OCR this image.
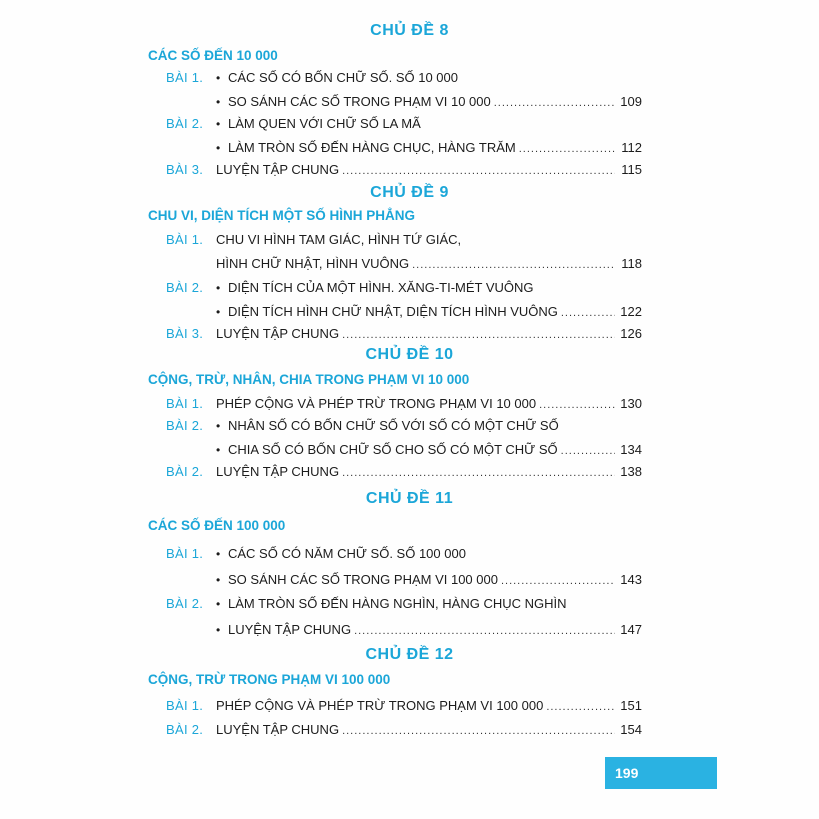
CHỦ ĐỀ 8
CÁC SỐ ĐẾN 10 000
BÀI 1. • CÁC SỐ CÓ BỐN CHỮ SỐ. SỐ 10 000
• SO SÁNH CÁC SỐ TRONG PHẠM VI 10 000 .....	109
BÀI 2. • LÀM QUEN VỚI CHỮ SỐ LA MÃ
• LÀM TRÒN SỐ ĐẾN HÀNG CHỤC, HÀNG TRĂM .....	112
BÀI 3. LUYỆN TẬP CHUNG .....	115
CHỦ ĐỀ 9
CHU VI, DIỆN TÍCH MỘT SỐ HÌNH PHẲNG
BÀI 1. CHU VI HÌNH TAM GIÁC, HÌNH TỨ GIÁC,
HÌNH CHỮ NHẬT, HÌNH VUÔNG .....	118
BÀI 2. • DIỆN TÍCH CỦA MỘT HÌNH. XĂNG-TI-MÉT VUÔNG
• DIỆN TÍCH HÌNH CHỮ NHẬT, DIỆN TÍCH HÌNH VUÔNG .....	122
BÀI 3. LUYỆN TẬP CHUNG .....	126
CHỦ ĐỀ 10
CỘNG, TRỪ, NHÂN, CHIA TRONG PHẠM VI 10 000
BÀI 1. PHÉP CỘNG VÀ PHÉP TRỪ TRONG PHẠM VI 10 000 .....	130
BÀI 2. • NHÂN SỐ CÓ BỐN CHỮ SỐ VỚI SỐ CÓ MỘT CHỮ SỐ
• CHIA SỐ CÓ BỐN CHỮ SỐ CHO SỐ CÓ MỘT CHỮ SỐ .....	134
BÀI 2. LUYỆN TẬP CHUNG .....	138
CHỦ ĐỀ 11
CÁC SỐ ĐẾN 100 000
BÀI 1. • CÁC SỐ CÓ NĂM CHỮ SỐ. SỐ 100 000
• SO SÁNH CÁC SỐ TRONG PHẠM VI 100 000 .....	143
BÀI 2. • LÀM TRÒN SỐ ĐẾN HÀNG NGHÌN, HÀNG CHỤC NGHÌN
• LUYỆN TẬP CHUNG .....	147
CHỦ ĐỀ 12
CỘNG, TRỪ TRONG PHẠM VI 100 000
BÀI 1. PHÉP CỘNG VÀ PHÉP TRỪ TRONG PHẠM VI 100 000 .....	151
BÀI 2. LUYỆN TẬP CHUNG .....	154
199
